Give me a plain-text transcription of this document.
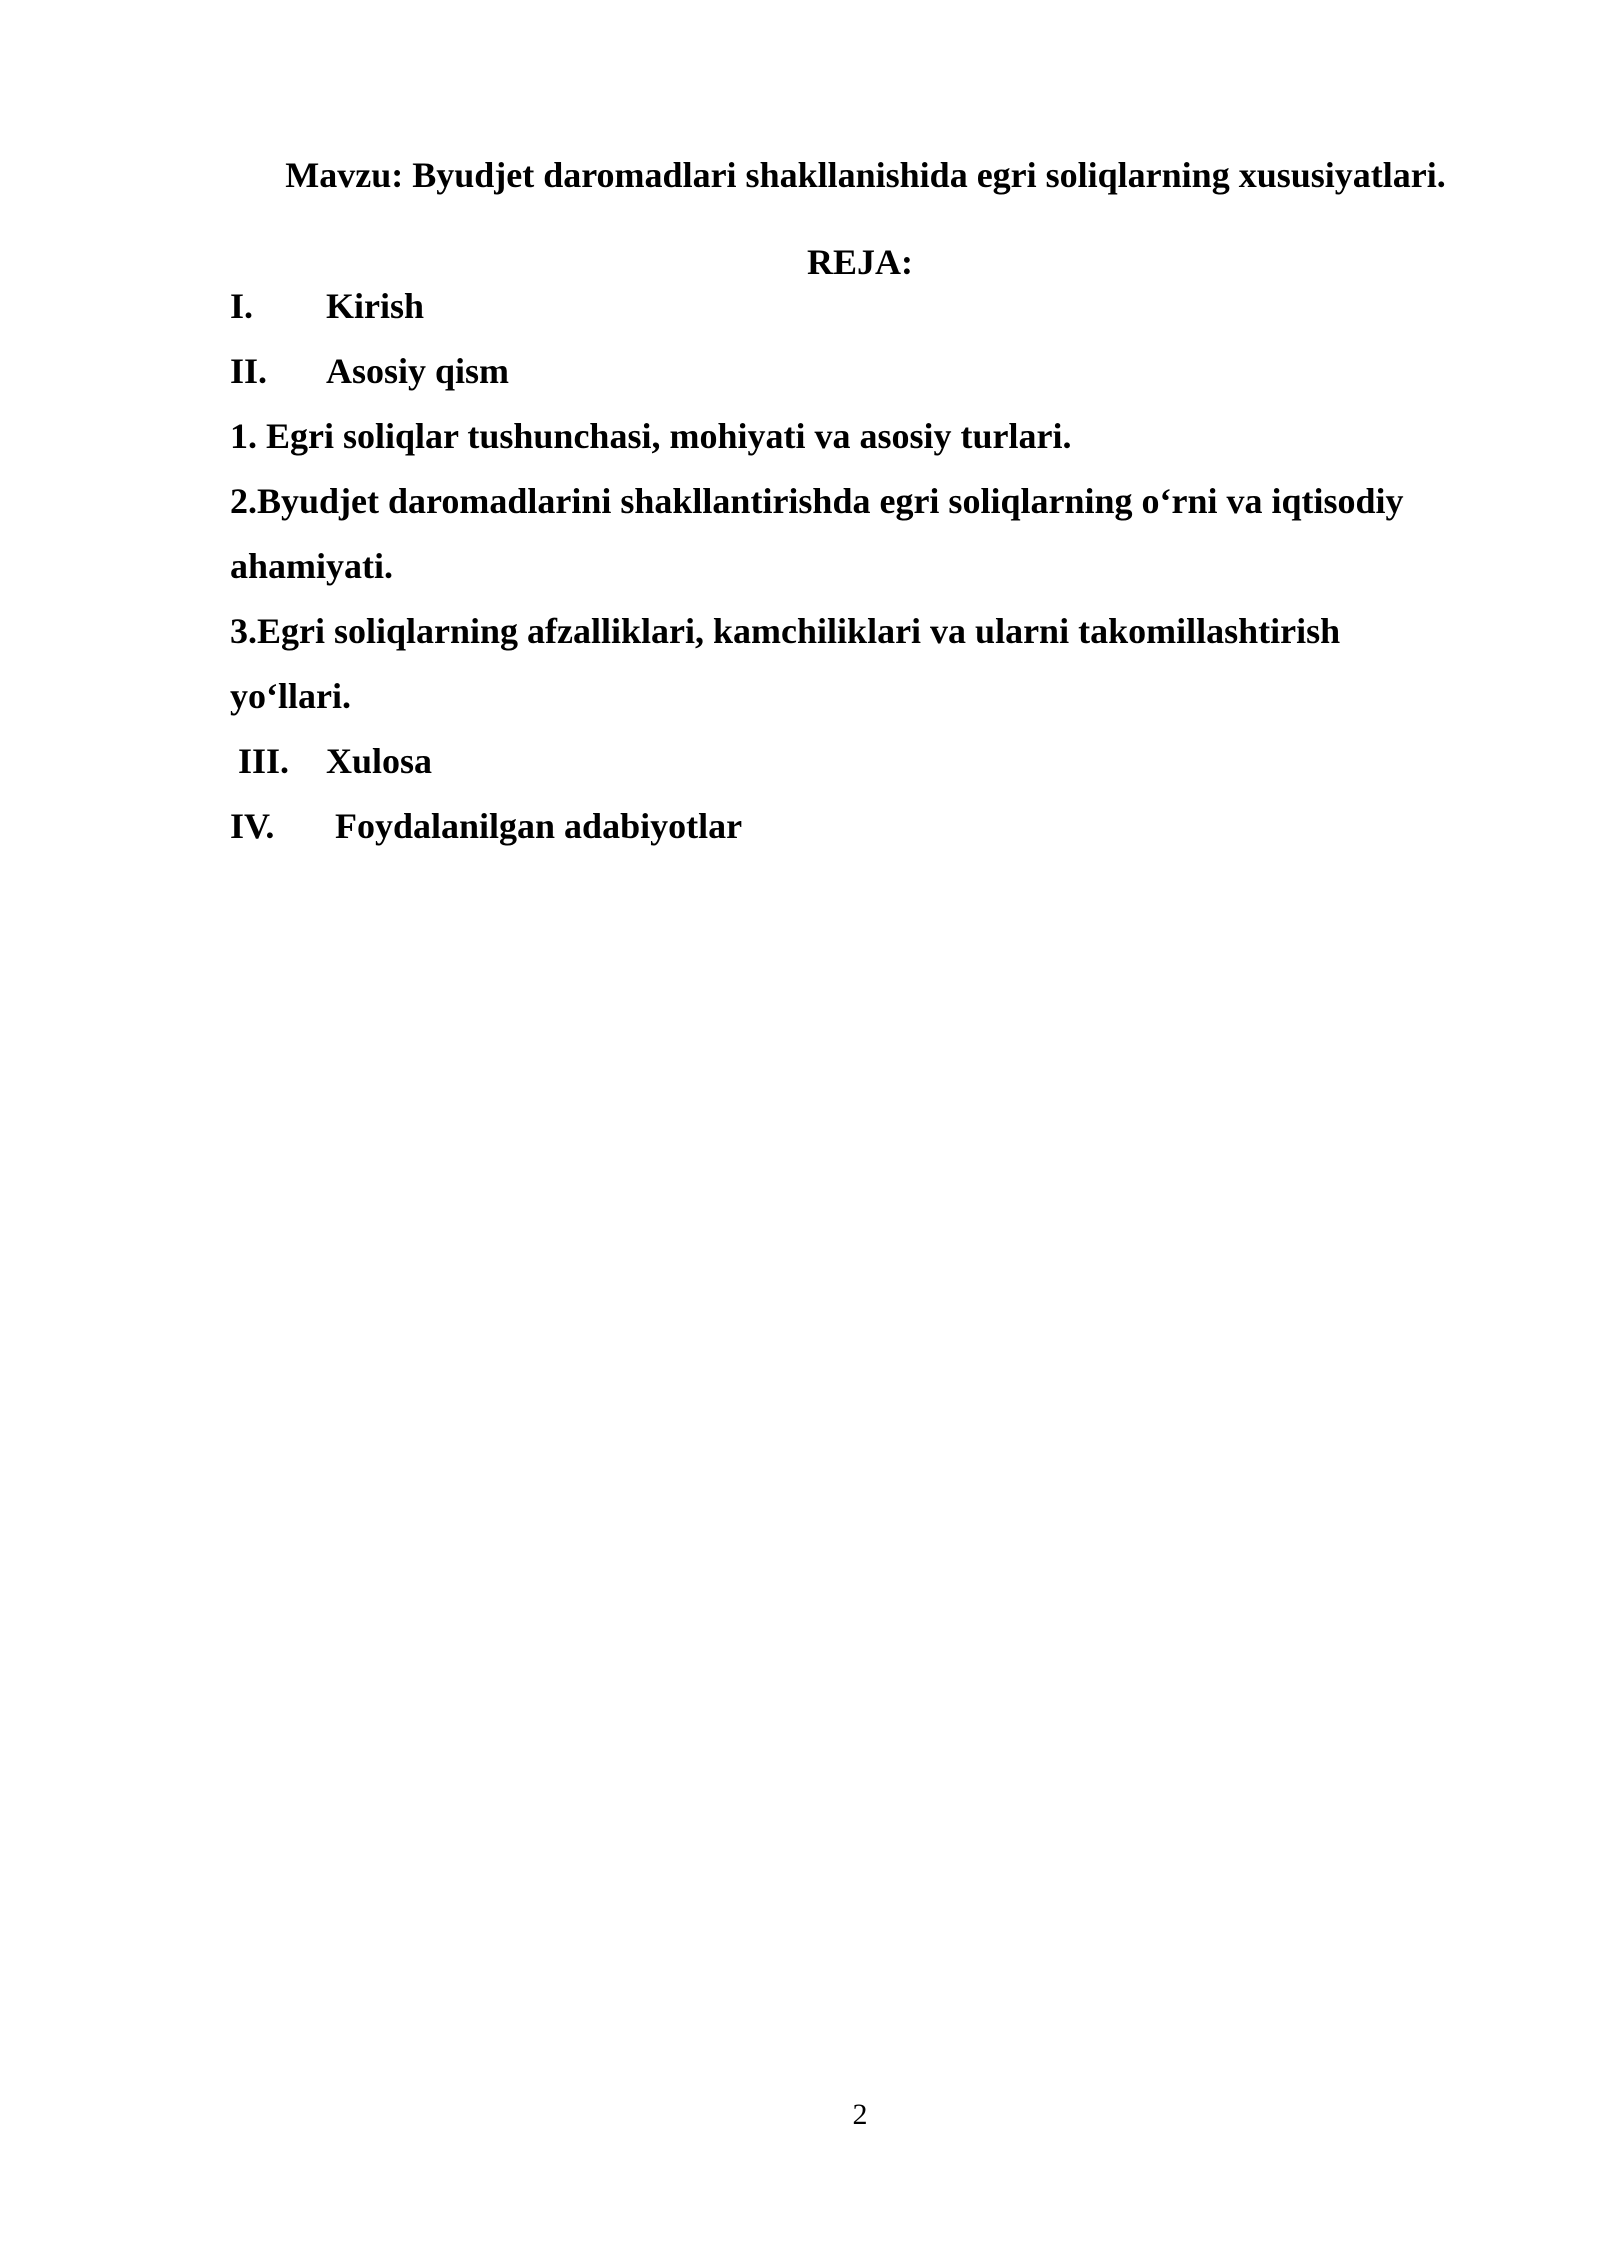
Mavzu: Byudjet daromadlari shakllanishida egri soliqlarning xususiyatlari.
REJA:
I. Kirish
II. Asosiy qism
1. Egri soliqlar tushunchasi, mohiyati va asosiy turlari.
2.Byudjet daromadlarini shakllantirishda egri soliqlarning o‘rni va iqtisodiy
ahamiyati.
3.Egri soliqlarning afzalliklari, kamchiliklari va ularni takomillashtirish
yo‘llari.
III. Xulosa
IV. Foydalanilgan adabiyotlar
2
